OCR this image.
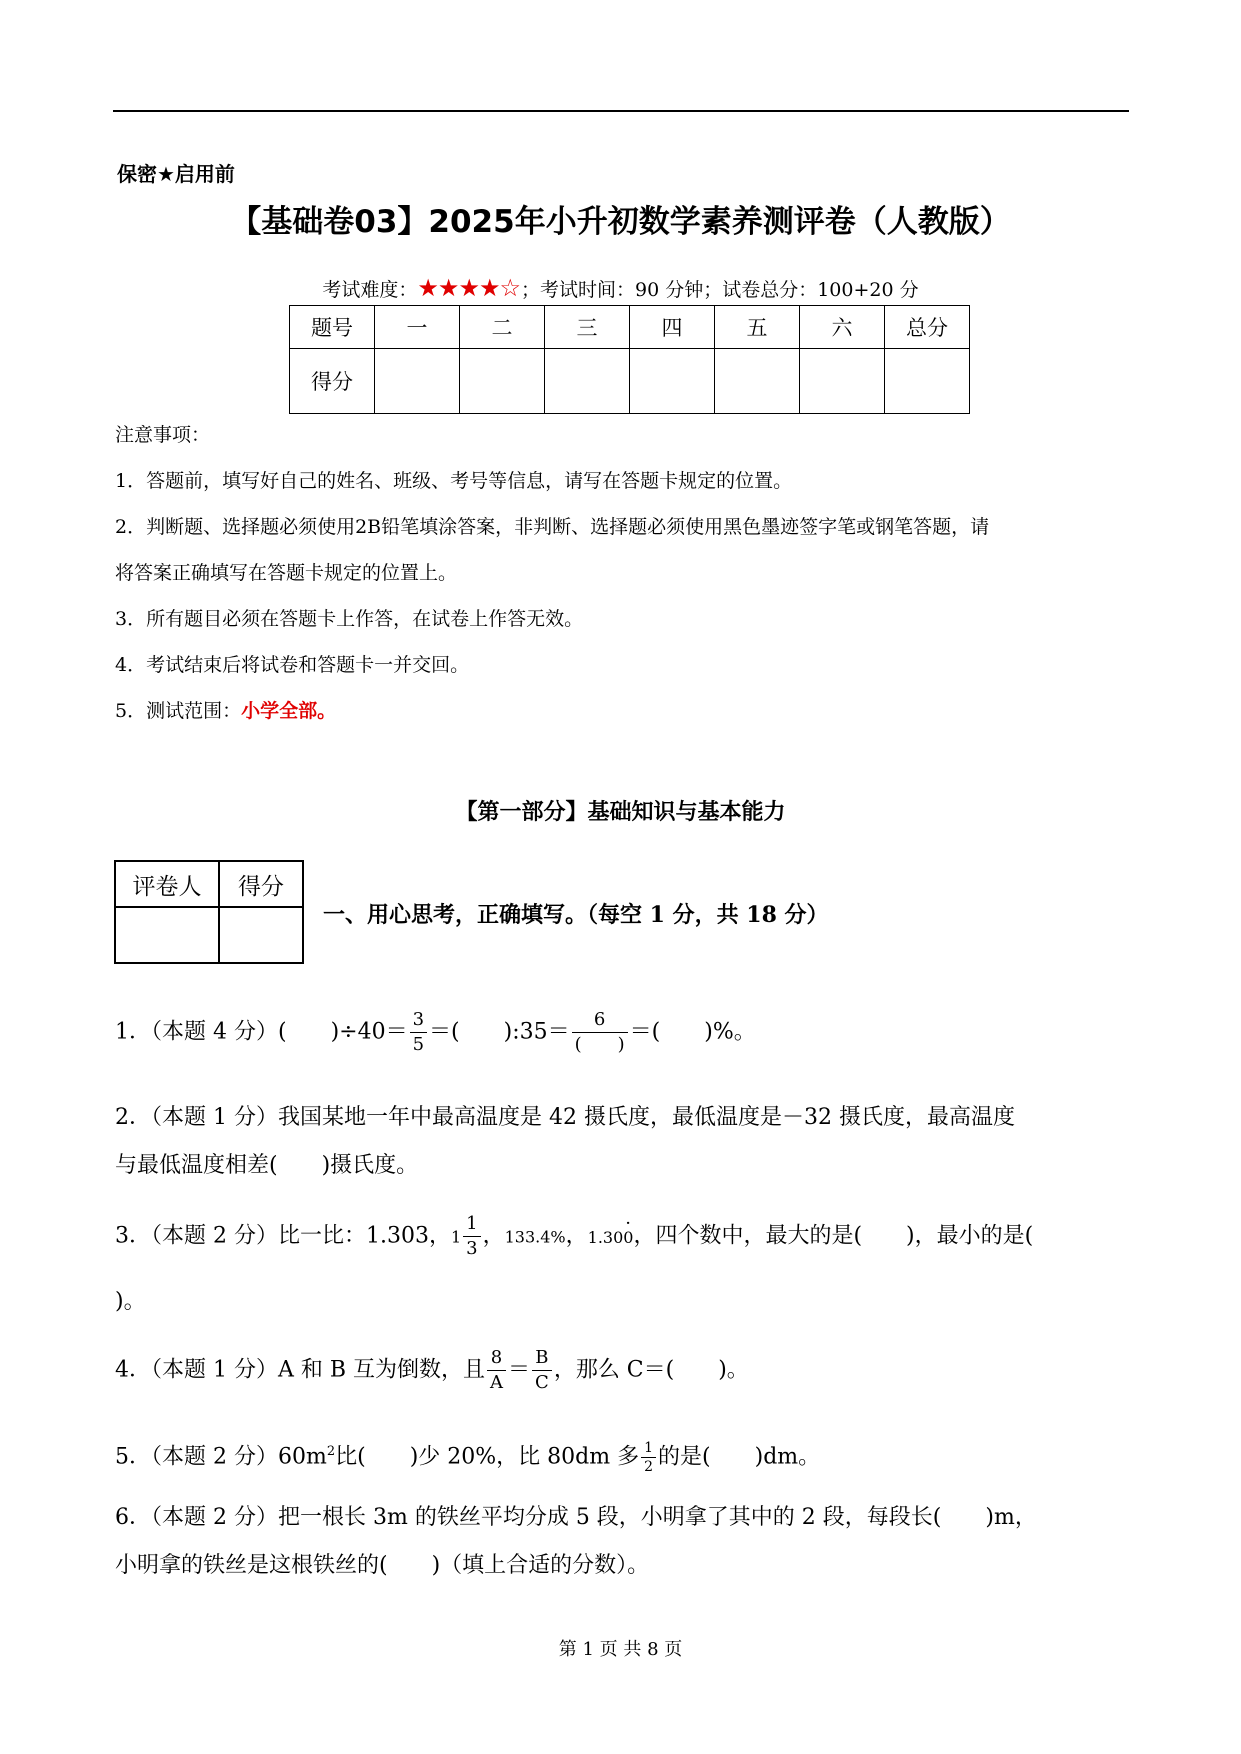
保密★启用前
【基础卷03】2025年小升初数学素养测评卷（人教版）
考试难度：★★★★☆；考试时间：90 分钟；试卷总分：100+20 分
题号	一	二	三	四	五	六	总分
得分							
注意事项：
1．答题前，填写好自己的姓名、班级、考号等信息，请写在答题卡规定的位置。
2．判断题、选择题必须使用2B铅笔填涂答案，非判断、选择题必须使用黑色墨迹签字笔或钢笔答题，请
将答案正确填写在答题卡规定的位置上。
3．所有题目必须在答题卡上作答，在试卷上作答无效。
4．考试结束后将试卷和答题卡一并交回。
5．测试范围：小学全部。
【第一部分】基础知识与基本能力
评卷人	得分

一、用心思考，正确填写。（每空 1 分，共 18 分）
1．（本题 4 分）(　　)$\div 40= \frac{3}{5}$ ＝(　　):35＝ $\frac{6}{( )}$ ＝(　　)%。
2．（本题 1 分）我国某地一年中最高温度是 42 摄氏度，最低温度是－32 摄氏度，最高温度
与最低温度相差(　　)摄氏度。
3．（本题 2 分）比一比：1.303，$1 \frac{1}{3}$ ，133.4%，1.300
·
，四个数中，最大的是(　　)，最小的是(
)。
4．（本题 1 分）A 和 B 互为倒数，且 $\frac{8}{A} = \frac{B}{C}$ ，那么 C＝(　　)。
5．（本题 2 分）$60m^2$比(　　)少 20%，比 80dm 多 $\frac{1}{2}$ 的是(　　)dm。
6．（本题 2 分）把一根长 3m 的铁丝平均分成 5 段，小明拿了其中的 2 段，每段长(　　)m，
小明拿的铁丝是这根铁丝的(　　)（填上合适的分数）。
第 1 页 共 8 页
